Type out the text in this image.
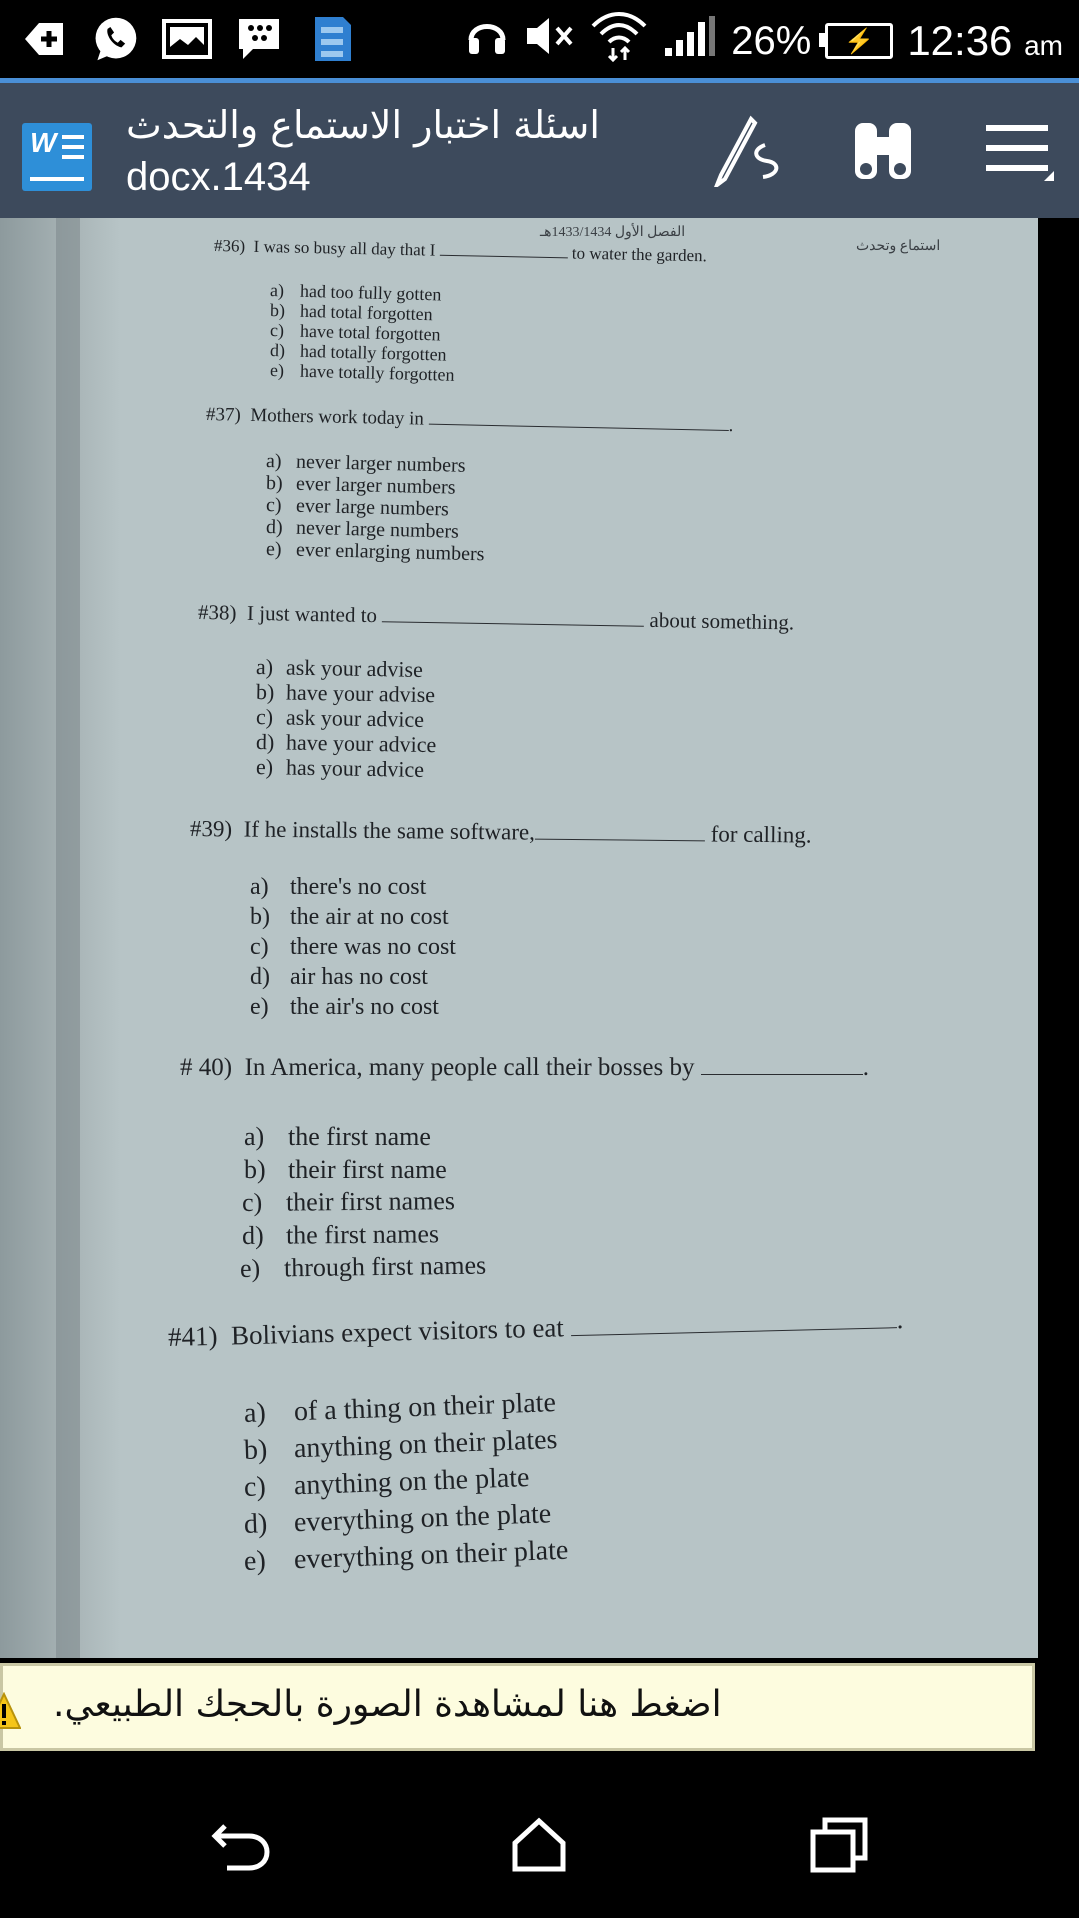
26%	⚡ 12:36 am
W اسئلة اختبار الاستماع والتحدث
docx.1434
الفصل الأول 1433/1434هـ
استماع وتحدث
#36) I was so busy all day that I	to water the garden.
a) had too fully gotten
b) had total forgotten
c) have total forgotten
d) had totally forgotten
e) have totally forgotten
#37) Mothers work today in	.
a) never larger numbers
b) ever larger numbers
c) ever large numbers
d) never large numbers
e) ever enlarging numbers
#38) I just wanted to	about something.
a) ask your advise
b) have your advise
c) ask your advice
d) have your advice
e) has your advice
#39) If he installs the same software,	for calling.
a) there's no cost
b) the air at no cost
c) there was no cost
d) air has no cost
e) the air's no cost
# 40) In America, many people call their bosses by	.
a) the first name
b) their first name
c) their first names
d) the first names
e) through first names
#41) Bolivians expect visitors to eat	.
a) of a thing on their plate
b) anything on their plates
c) anything on the plate
d) everything on the plate
e) everything on their plate
اضغط هنا لمشاهدة الصورة بالحجك الطبيعي.
